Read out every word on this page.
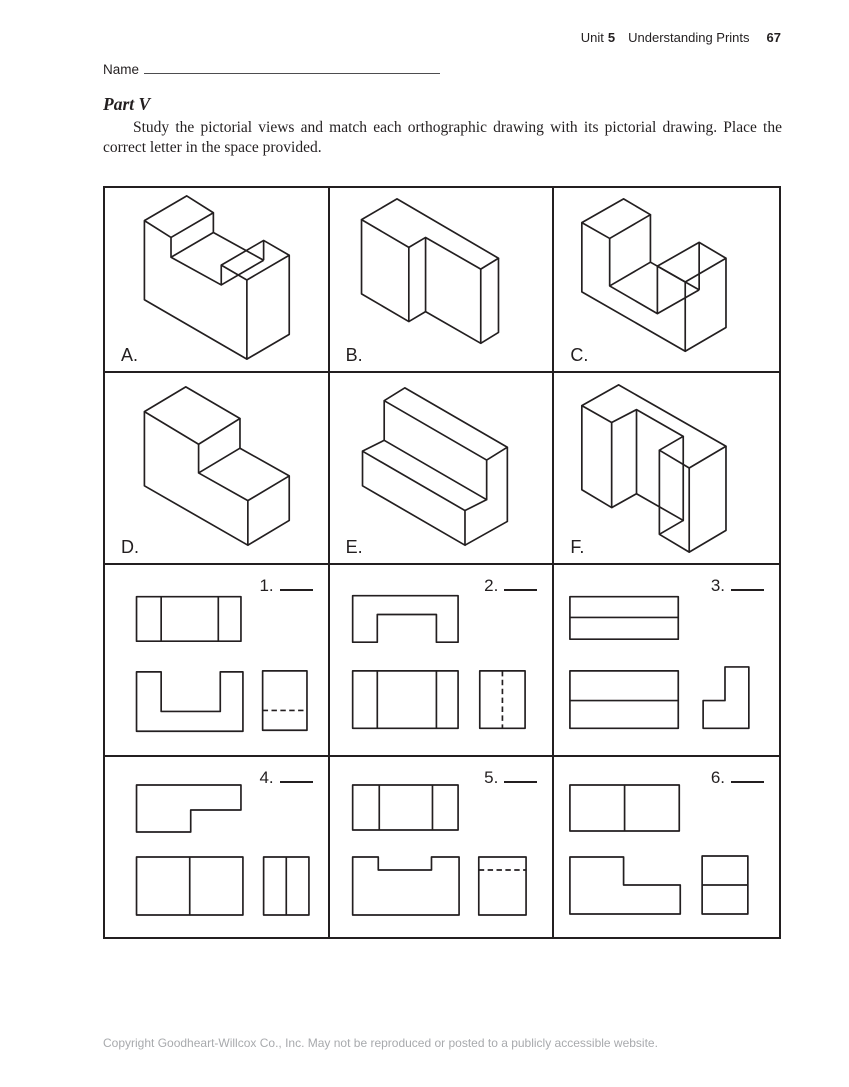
Unit 5 Understanding Prints 67
Name
Part V
Study the pictorial views and match each orthographic drawing with its pictorial drawing. Place the correct letter in the space provided.
A.	B.	C.
D.	E.	F.
1.	2.	3.
4.	5.	6.
Copyright Goodheart-Willcox Co., Inc. May not be reproduced or posted to a publicly accessible website.
